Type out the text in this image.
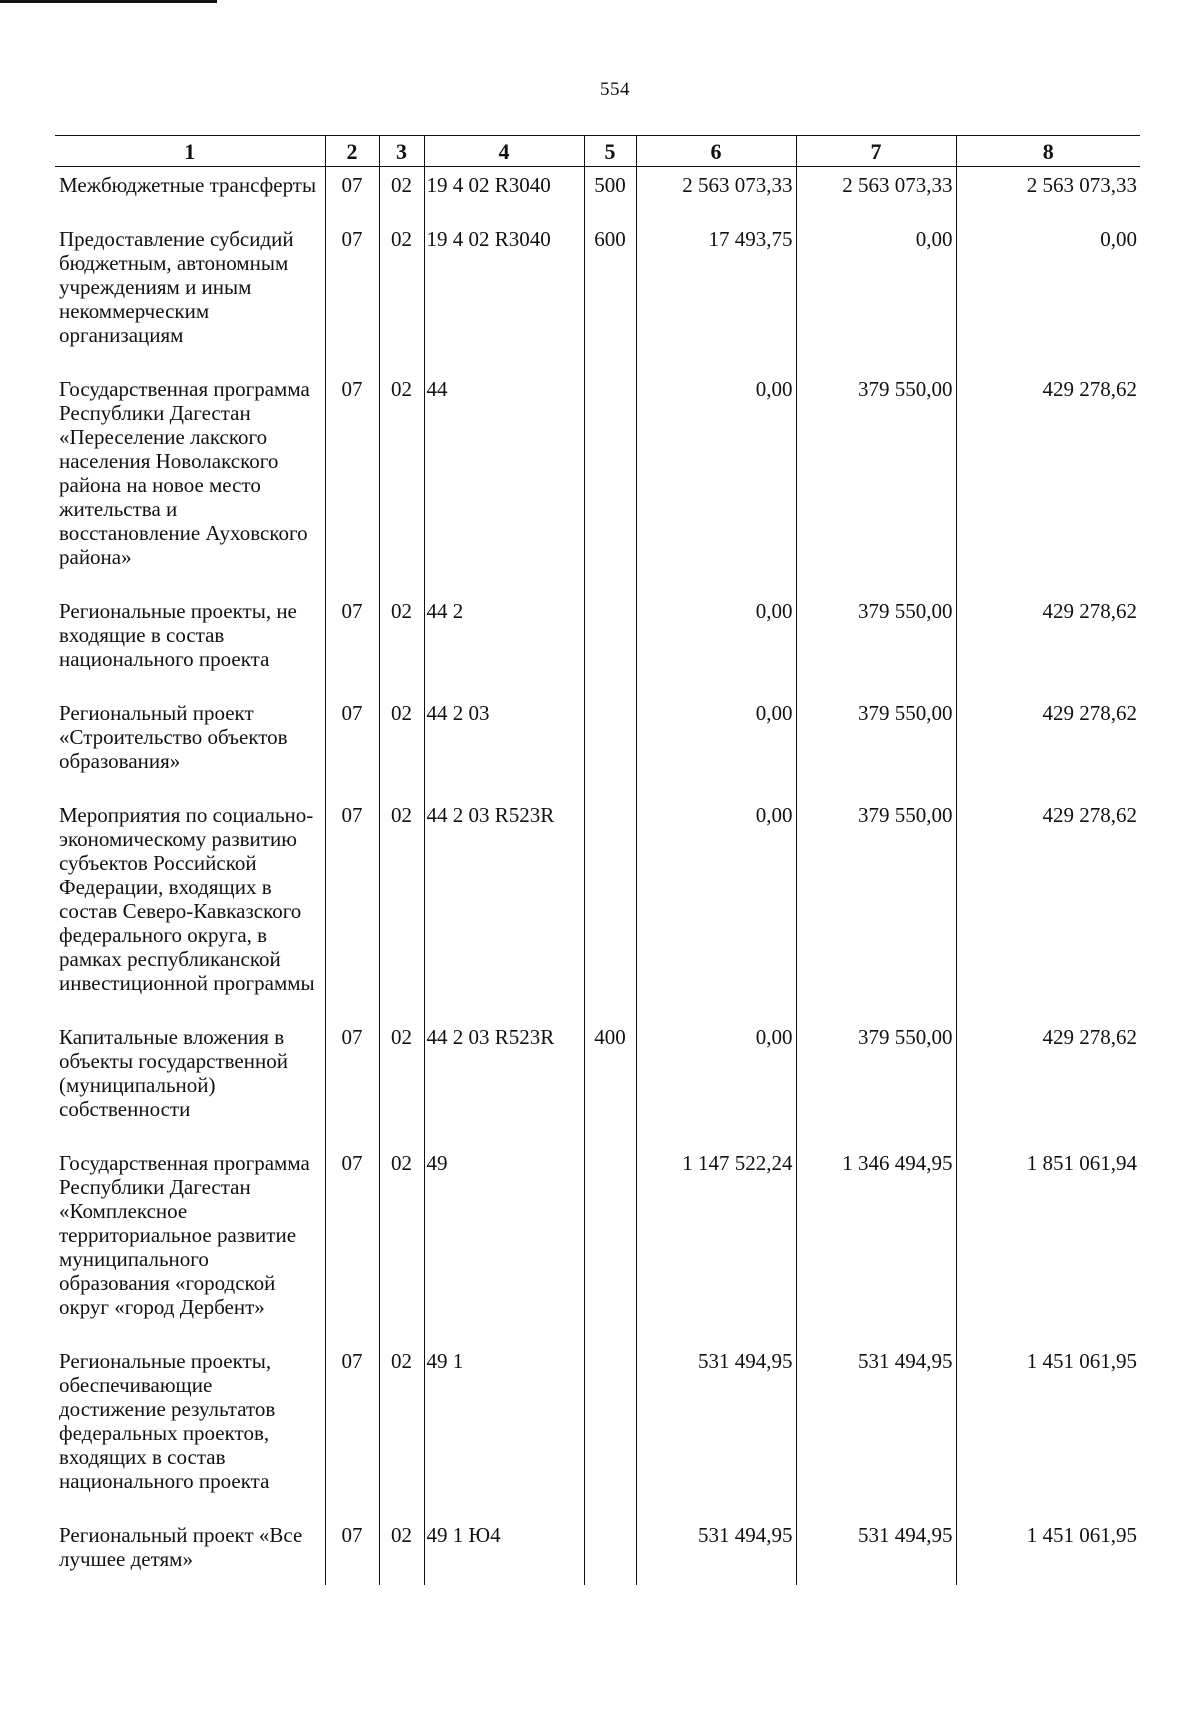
554
1	2	3	4	5	6	7	8
Межбюджетные трансферты	07	02	19 4 02 R3040	500	2 563 073,33	2 563 073,33	2 563 073,33
Предоставление субсидий бюджетным, автономным учреждениям и иным некоммерческим организациям	07	02	19 4 02 R3040	600	17 493,75	0,00	0,00
Государственная программа Республики Дагестан «Переселение лакского населения Новолакского района на новое место жительства и восстановление Ауховского района»	07	02	44		0,00	379 550,00	429 278,62
Региональные проекты, не входящие в состав национального проекта	07	02	44 2		0,00	379 550,00	429 278,62
Региональный проект «Строительство объектов образования»	07	02	44 2 03		0,00	379 550,00	429 278,62
Мероприятия по социально-экономическому развитию субъектов Российской Федерации, входящих в состав Северо-Кавказского федерального округа, в рамках республиканской инвестиционной программы	07	02	44 2 03 R523R		0,00	379 550,00	429 278,62
Капитальные вложения в объекты государственной (муниципальной) собственности	07	02	44 2 03 R523R	400	0,00	379 550,00	429 278,62
Государственная программа Республики Дагестан «Комплексное территориальное развитие муниципального образования «городской округ «город Дербент»	07	02	49		1 147 522,24	1 346 494,95	1 851 061,94
Региональные проекты, обеспечивающие достижение результатов федеральных проектов, входящих в состав национального проекта	07	02	49 1		531 494,95	531 494,95	1 451 061,95
Региональный проект «Все лучшее детям»	07	02	49 1 Ю4		531 494,95	531 494,95	1 451 061,95
